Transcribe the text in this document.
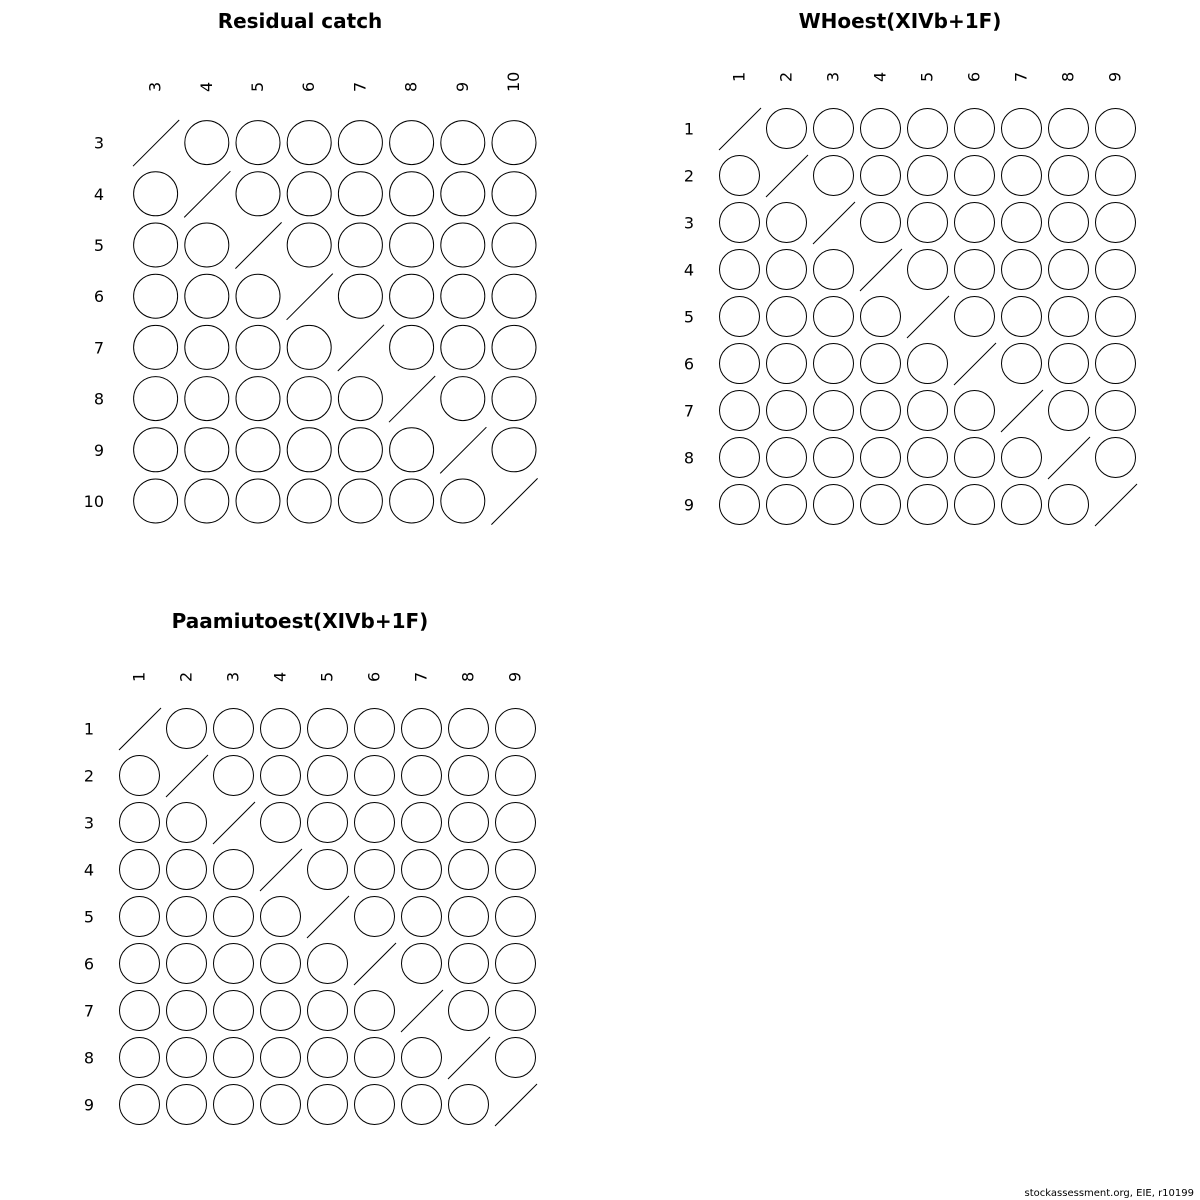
Residual catch
3 4 5 6 7 8 9 10
3
4
5
6
7
8
9
10
WHoest(XIVb+1F)
1 2 3 4 5 6 7 8 9
1
2
3
4
5
6
7
8
9
Paamiutoest(XIVb+1F)
1 2 3 4 5 6 7 8 9
1
2
3
4
5
6
7
8
9
stockassessment.org, EIE, r10199
